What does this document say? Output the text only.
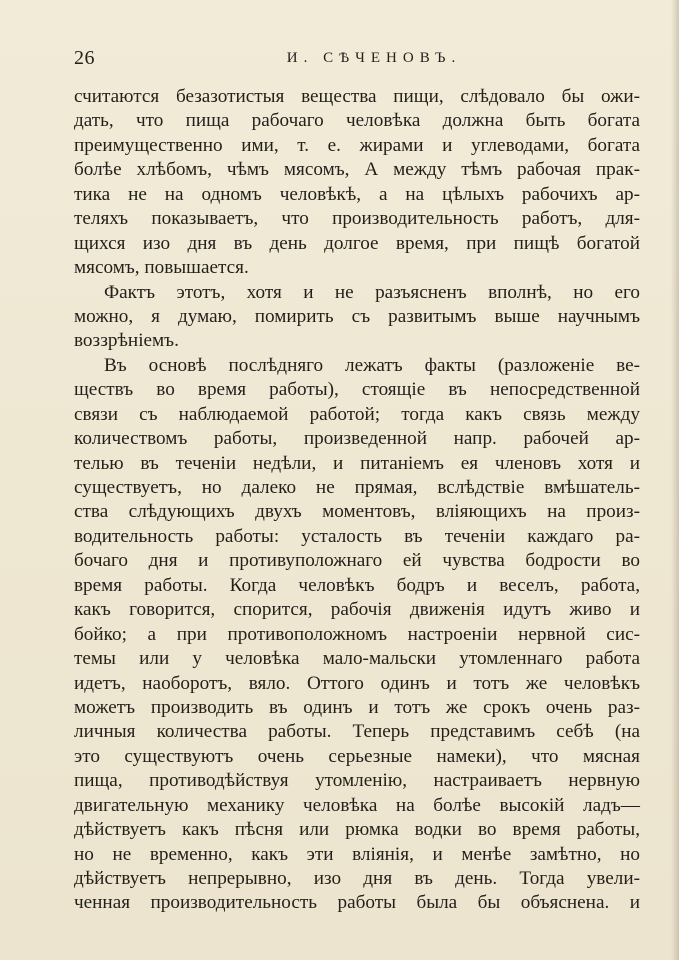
26	И. СѢЧЕНОВЪ.
считаются безазотистыя вещества пищи, слѣдовало бы ожи-
дать, что пища рабочаго человѣка должна быть богата
преимущественно ими, т. е. жирами и углеводами, богата
болѣе хлѣбомъ, чѣмъ мясомъ, А между тѣмъ рабочая прак-
тика не на одномъ человѣкѣ, а на цѣлыхъ рабочихъ ар-
теляхъ показываетъ, что производительность работъ, для-
щихся изо дня въ день долгое время, при пищѣ богатой
мясомъ, повышается.
Фактъ этотъ, хотя и не разъясненъ вполнѣ, но его
можно, я думаю, помирить съ развитымъ выше научнымъ
воззрѣніемъ.
Въ основѣ послѣдняго лежатъ факты (разложеніе ве-
ществъ во время работы), стоящіе въ непосредственной
связи съ наблюдаемой работой; тогда какъ связь между
количествомъ работы, произведенной напр. рабочей ар-
телью въ теченіи недѣли, и питаніемъ ея членовъ хотя и
существуетъ, но далеко не прямая, вслѣдствіе вмѣшатель-
ства слѣдующихъ двухъ моментовъ, вліяющихъ на произ-
водительность работы: усталость въ теченіи каждаго ра-
бочаго дня и противуположнаго ей чувства бодрости во
время работы. Когда человѣкъ бодръ и веселъ, работа,
какъ говорится, спорится, рабочія движенія идутъ живо и
бойко; а при противоположномъ настроеніи нервной сис-
темы или у человѣка мало-мальски утомленнаго работа
идетъ, наоборотъ, вяло. Оттого одинъ и тотъ же человѣкъ
можетъ производить въ одинъ и тотъ же срокъ очень раз-
личныя количества работы. Теперь представимъ себѣ (на
это существуютъ очень серьезные намеки), что мясная
пища, противодѣйствуя утомленію, настраиваетъ нервную
двигательную механику человѣка на болѣе высокій ладъ—
дѣйствуетъ какъ пѣсня или рюмка водки во время работы,
но не временно, какъ эти вліянія, и менѣе замѣтно, но
дѣйствуетъ непрерывно, изо дня въ день. Тогда увели-
ченная производительность работы была бы объяснена. и
